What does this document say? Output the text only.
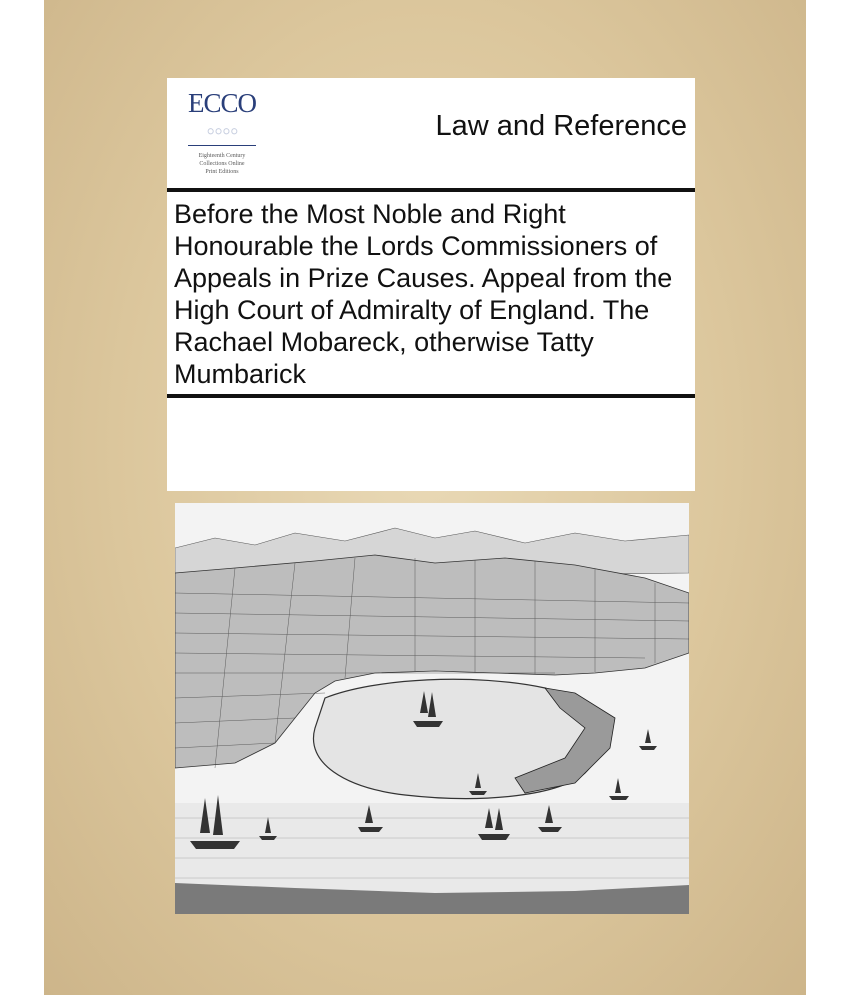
ECCO
◦◦◦◦
Eighteenth Century
Collections Online
Print Editions
Law and Reference
Before the Most Noble and Right Honourable the Lords Commissioners of Appeals in Prize Causes. Appeal from the High Court of Admiralty of England. The Rachael Mobareck, otherwise Tatty Mumbarick
